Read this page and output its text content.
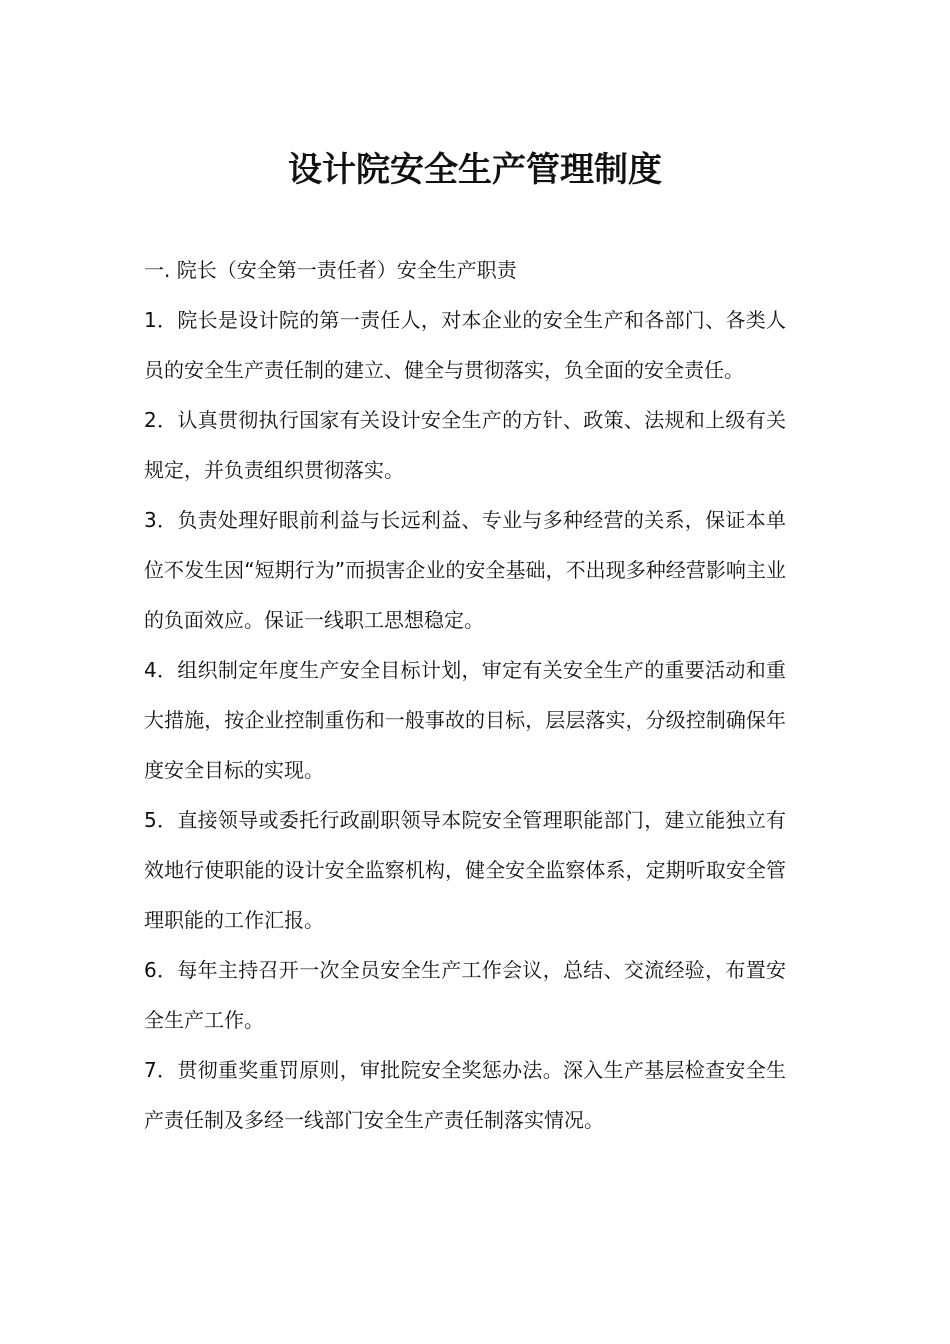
设计院安全生产管理制度

一. 院长（安全第一责任者）安全生产职责

1．院长是设计院的第一责任人，对本企业的安全生产和各部门、各类人员的安全生产责任制的建立、健全与贯彻落实，负全面的安全责任。

2．认真贯彻执行国家有关设计安全生产的方针、政策、法规和上级有关规定，并负责组织贯彻落实。

3．负责处理好眼前利益与长远利益、专业与多种经营的关系，保证本单位不发生因“短期行为”而损害企业的安全基础，不出现多种经营影响主业的负面效应。保证一线职工思想稳定。

4．组织制定年度生产安全目标计划，审定有关安全生产的重要活动和重大措施，按企业控制重伤和一般事故的目标，层层落实，分级控制确保年度安全目标的实现。

5．直接领导或委托行政副职领导本院安全管理职能部门，建立能独立有效地行使职能的设计安全监察机构，健全安全监察体系，定期听取安全管理职能的工作汇报。

6．每年主持召开一次全员安全生产工作会议，总结、交流经验，布置安全生产工作。

7．贯彻重奖重罚原则，审批院安全奖惩办法。深入生产基层检查安全生产责任制及多经一线部门安全生产责任制落实情况。
